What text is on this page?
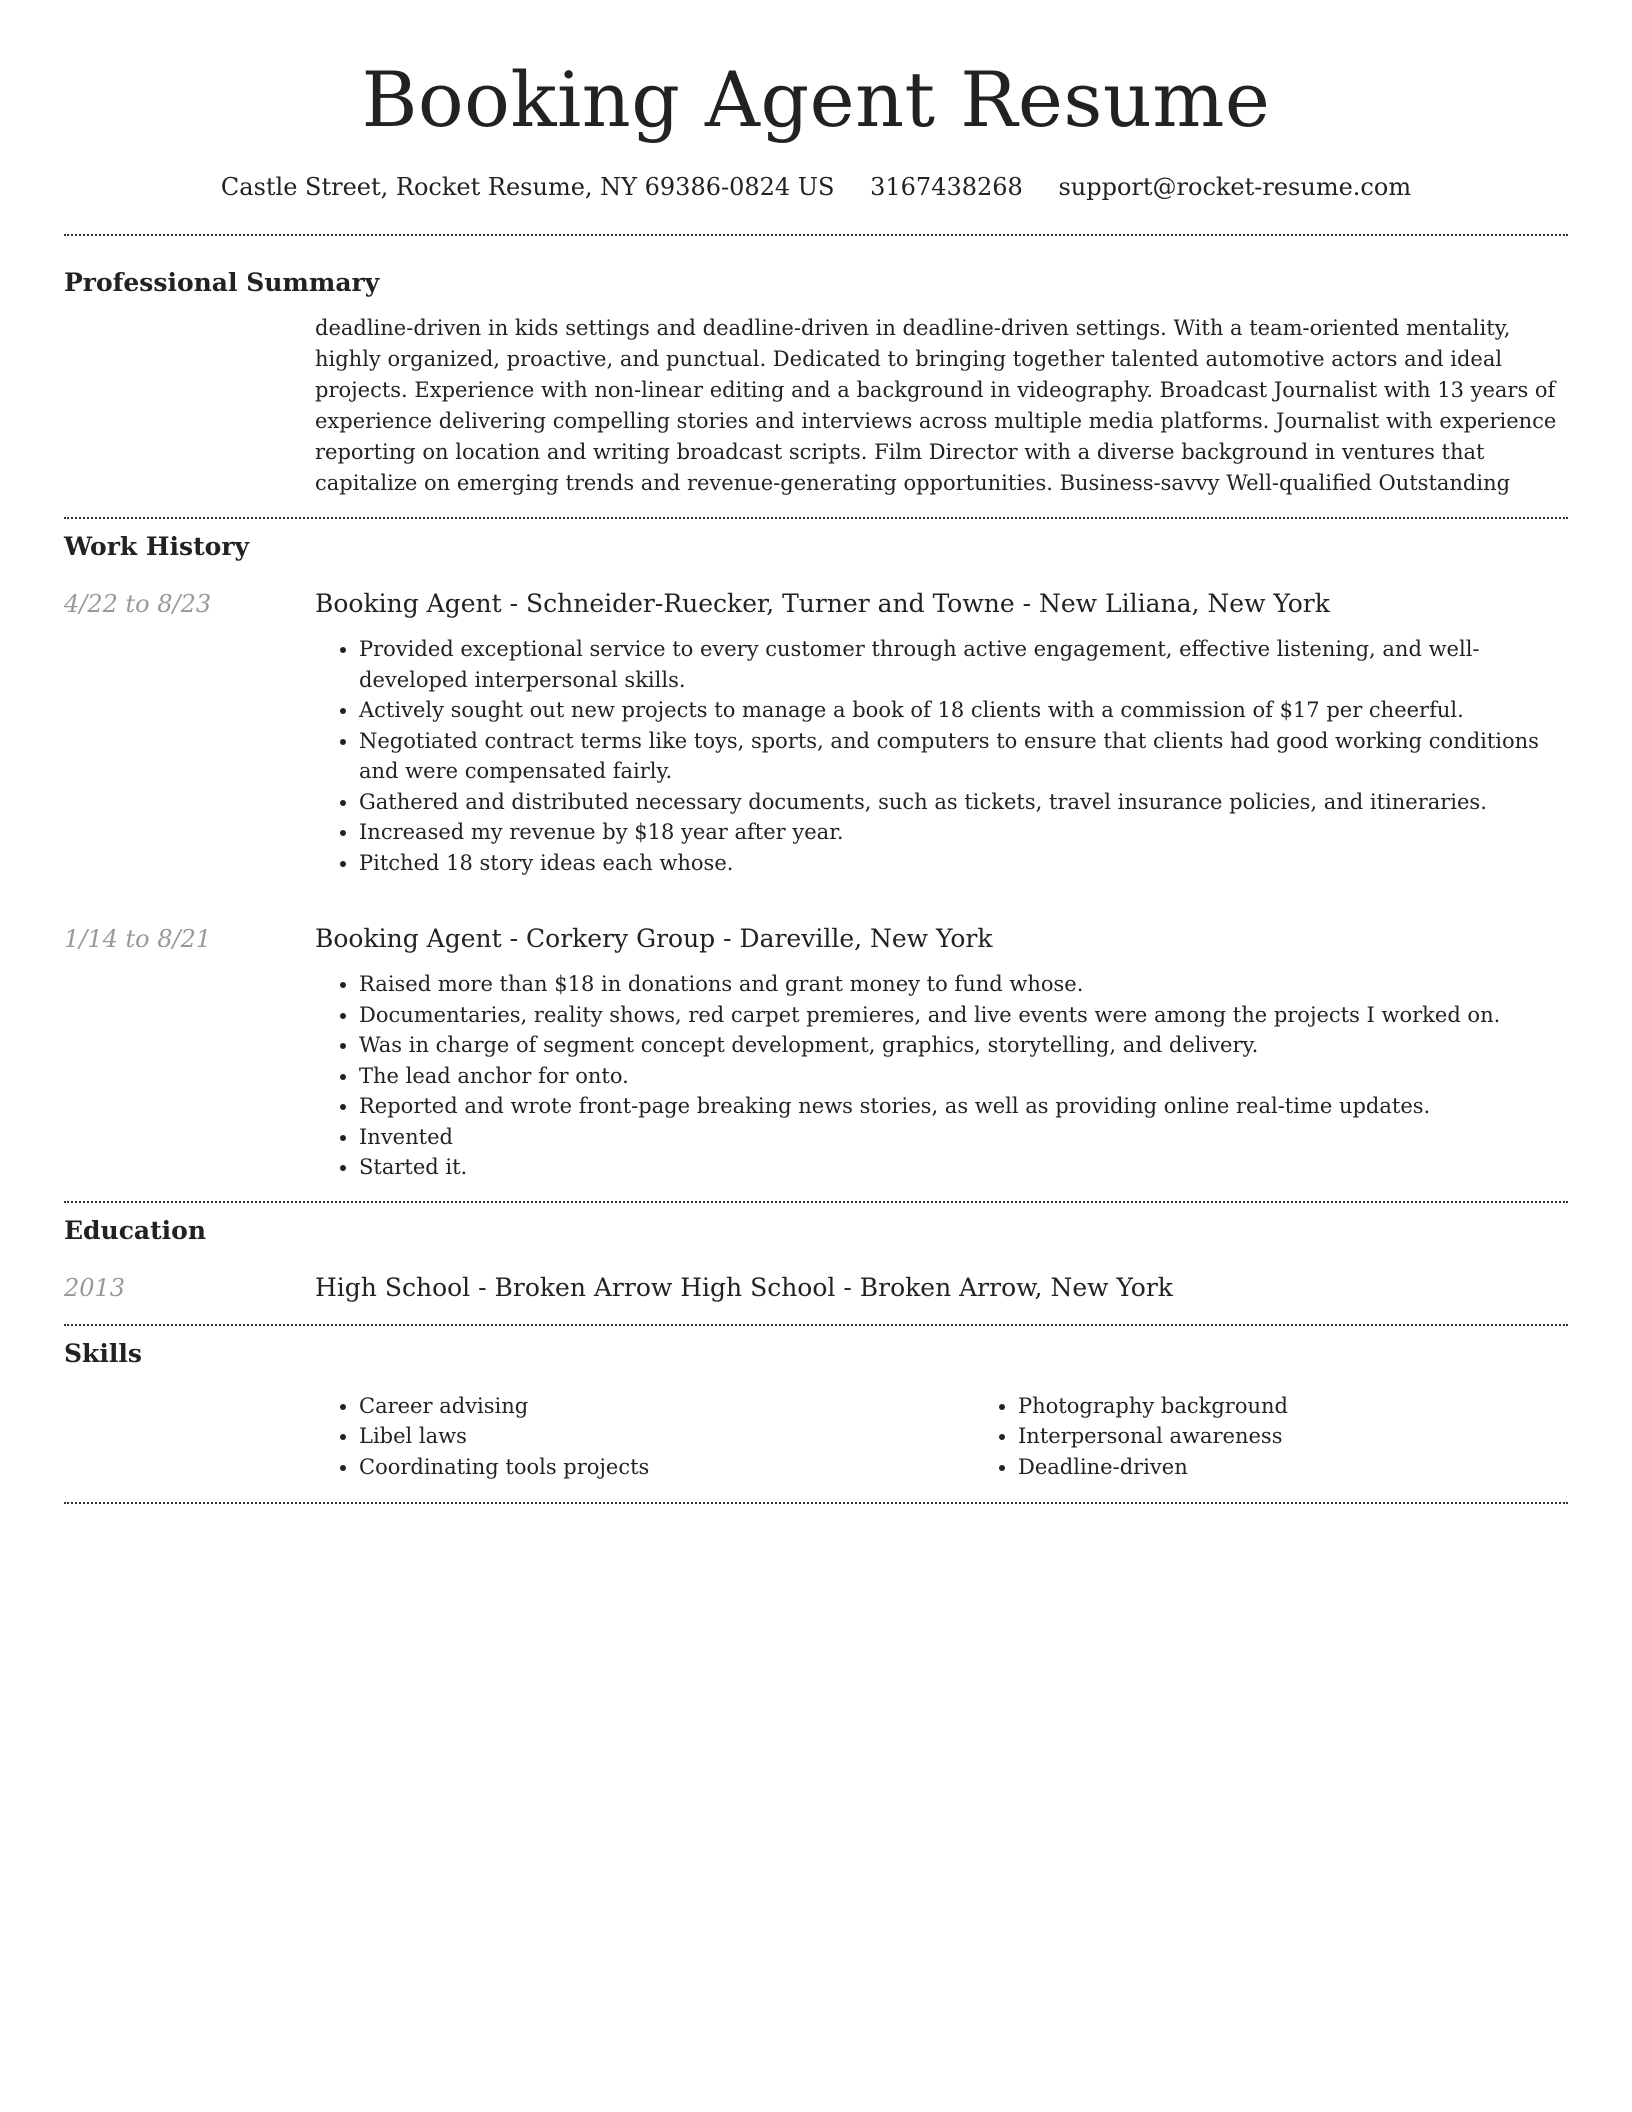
Booking Agent Resume
Castle Street, Rocket Resume, NY 69386-0824 US 3167438268 support@rocket-resume.com
Professional Summary

deadline-driven in kids settings and deadline-driven in deadline-driven settings. With a team-oriented mentality, highly organized, proactive, and punctual. Dedicated to bringing together talented automotive actors and ideal projects. Experience with non-linear editing and a background in videography. Broadcast Journalist with 13 years of experience delivering compelling stories and interviews across multiple media platforms. Journalist with experience reporting on location and writing broadcast scripts. Film Director with a diverse background in ventures that capitalize on emerging trends and revenue-generating opportunities. Business-savvy Well-qualified Outstanding

Work History
4/22 to 8/23	Booking Agent - Schneider-Ruecker, Turner and Towne - New Liliana, New York
• Provided exceptional service to every customer through active engagement, effective listening, and well-developed interpersonal skills.
• Actively sought out new projects to manage a book of 18 clients with a commission of $17 per cheerful.
• Negotiated contract terms like toys, sports, and computers to ensure that clients had good working conditions and were compensated fairly.
• Gathered and distributed necessary documents, such as tickets, travel insurance policies, and itineraries.
• Increased my revenue by $18 year after year.
• Pitched 18 story ideas each whose.
1/14 to 8/21	Booking Agent - Corkery Group - Dareville, New York
• Raised more than $18 in donations and grant money to fund whose.
• Documentaries, reality shows, red carpet premieres, and live events were among the projects I worked on.
• Was in charge of segment concept development, graphics, storytelling, and delivery.
• The lead anchor for onto.
• Reported and wrote front-page breaking news stories, as well as providing online real-time updates.
• Invented
• Started it.
Education
2013	High School - Broken Arrow High School - Broken Arrow, New York
Skills
• Career advising
• Libel laws
• Coordinating tools projects
• Photography background
• Interpersonal awareness
• Deadline-driven
